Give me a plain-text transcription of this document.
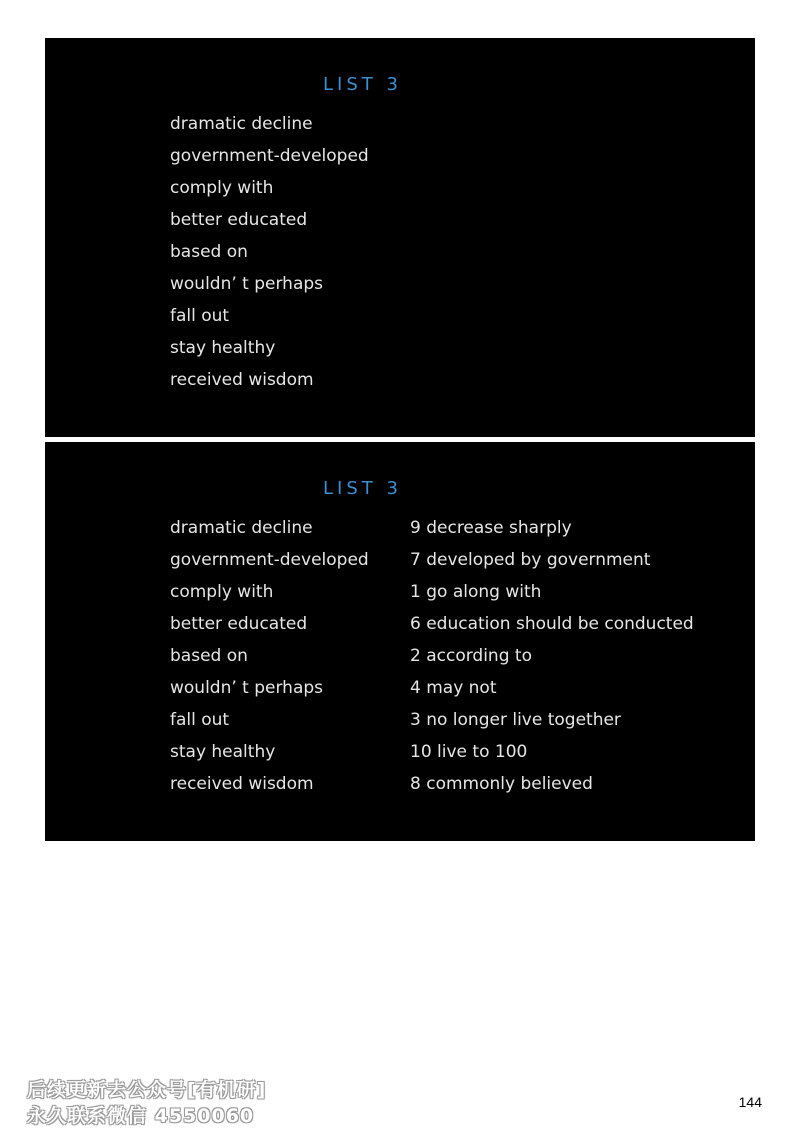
LIST 3
dramatic decline
government-developed
comply with
better educated
based on
wouldn’ t perhaps
fall out
stay healthy
received wisdom
LIST 3
dramatic decline
government-developed
comply with
better educated
based on
wouldn’ t perhaps
fall out
stay healthy
received wisdom
9 decrease sharply
7 developed by government
1 go along with
6 education should be conducted
2 according to
4 may not
3 no longer live together
10 live to 100
8 commonly believed
后续更新去公众号[有机研]
永久联系微信 4550060
144
